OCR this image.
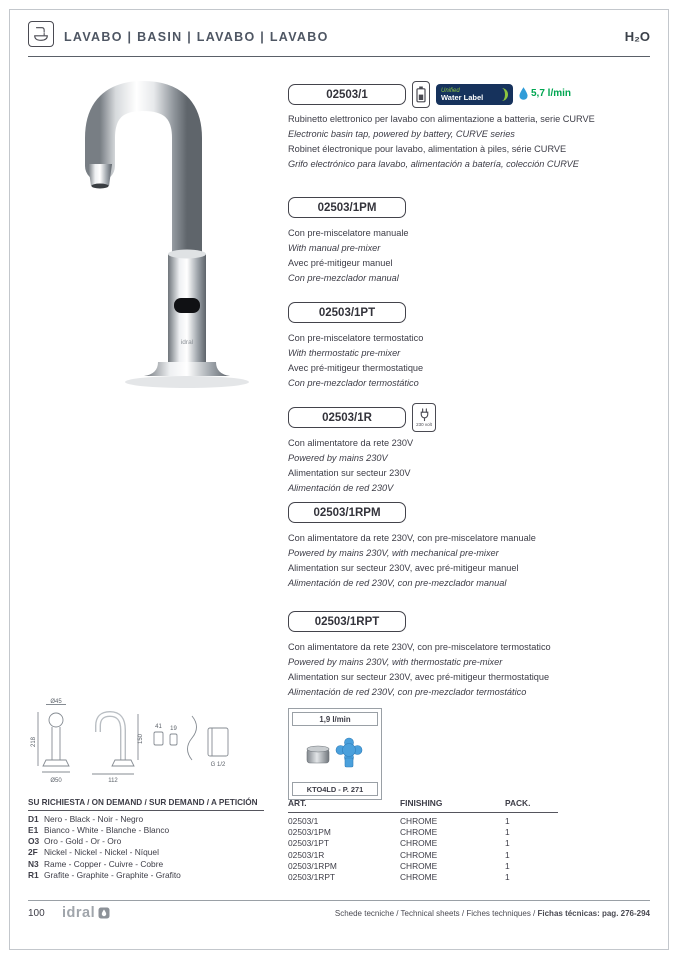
LAVABO | BASIN | LAVABO | LAVABO	H₂O
idral
02503/1	Unified
Water Label	5,7 l/min
Rubinetto elettronico per lavabo con alimentazione a batteria, serie CURVE
Electronic basin tap, powered by battery, CURVE series
Robinet électronique pour lavabo, alimentation à piles, série CURVE
Grifo electrónico para lavabo, alimentación a batería, colección CURVE
02503/1PM
Con pre-miscelatore manuale
With manual pre-mixer
Avec pré-mitigeur manuel
Con pre-mezclador manual
02503/1PT
Con pre-miscelatore termostatico
With thermostatic pre-mixer
Avec pré-mitigeur thermostatique
Con pre-mezclador termostático
02503/1R
230 volt
Con alimentatore da rete 230V
Powered by mains 230V
Alimentation sur secteur 230V
Alimentación de red 230V
02503/1RPM
Con alimentatore da rete 230V, con pre-miscelatore manuale
Powered by mains 230V, with mechanical pre-mixer
Alimentation sur secteur 230V, avec pré-mitigeur manuel
Alimentación de red 230V, con pre-mezclador manual
02503/1RPT
Con alimentatore da rete 230V, con pre-miscelatore termostatico
Powered by mains 230V, with thermostatic pre-mixer
Alimentation sur secteur 230V, avec pré-mitigeur thermostatique
Alimentación de red 230V, con pre-mezclador termostático
1,9 l/min
KTO4LD - P. 271
Ø45
218
Ø50
150
112
41 19
G 1/2
SU RICHIESTA / ON DEMAND / SUR DEMAND / A PETICIÓN
D1 Nero - Black - Noir - Negro
E1 Bianco - White - Blanche - Blanco
O3 Oro - Gold - Or - Oro
2F Nickel - Nickel - Nickel - Níquel
N3 Rame - Copper - Cuivre - Cobre
R1 Grafite - Graphite - Graphite - Grafito
ART.	FINISHING	PACK.
02503/1	CHROME	1
02503/1PM	CHROME	1
02503/1PT	CHROME	1
02503/1R	CHROME	1
02503/1RPM	CHROME	1
02503/1RPT	CHROME	1
100 idral	Schede tecniche / Technical sheets / Fiches techniques / Fichas técnicas: pag. 276-294
